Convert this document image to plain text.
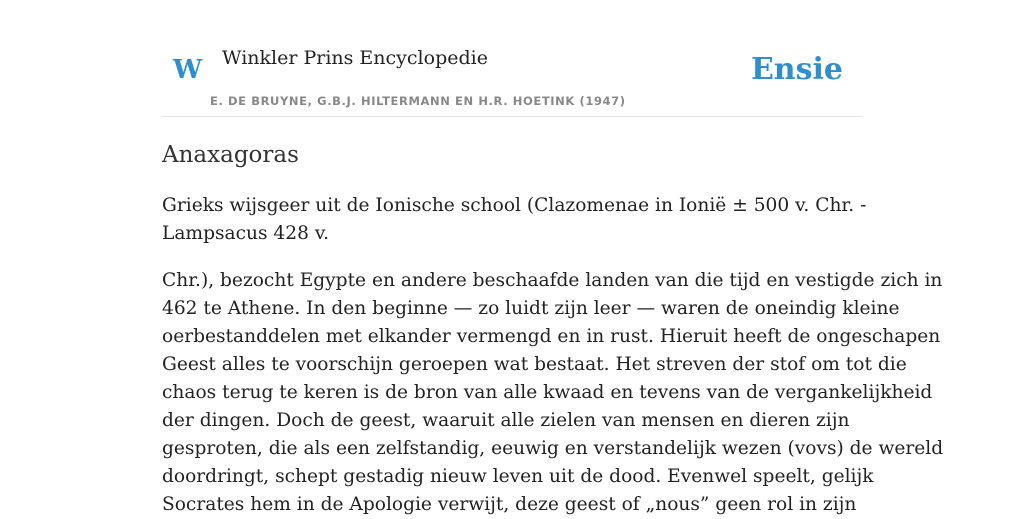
W Winkler Prins Encyclopedie
E. DE BRUYNE, G.B.J. HILTERMANN EN H.R. HOETINK (1947)
Ensie
Anaxagoras

Grieks wijsgeer uit de Ionische school (Clazomenae in Ionië ± 500 v. Chr. -
Lampsacus 428 v.

Chr.), bezocht Egypte en andere beschaafde landen van die tijd en vestigde zich in
462 te Athene. In den beginne — zo luidt zijn leer — waren de oneindig kleine
oerbestanddelen met elkander vermengd en in rust. Hieruit heeft de ongeschapen
Geest alles te voorschijn geroepen wat bestaat. Het streven der stof om tot die
chaos terug te keren is de bron van alle kwaad en tevens van de vergankelijkheid
der dingen. Doch de geest, waaruit alle zielen van mensen en dieren zijn
gesproten, die als een zelfstandig, eeuwig en verstandelijk wezen (vovs) de wereld
doordringt, schept gestadig nieuw leven uit de dood. Evenwel speelt, gelijk
Socrates hem in de Apologie verwijt, deze geest of „nous” geen rol in zijn
